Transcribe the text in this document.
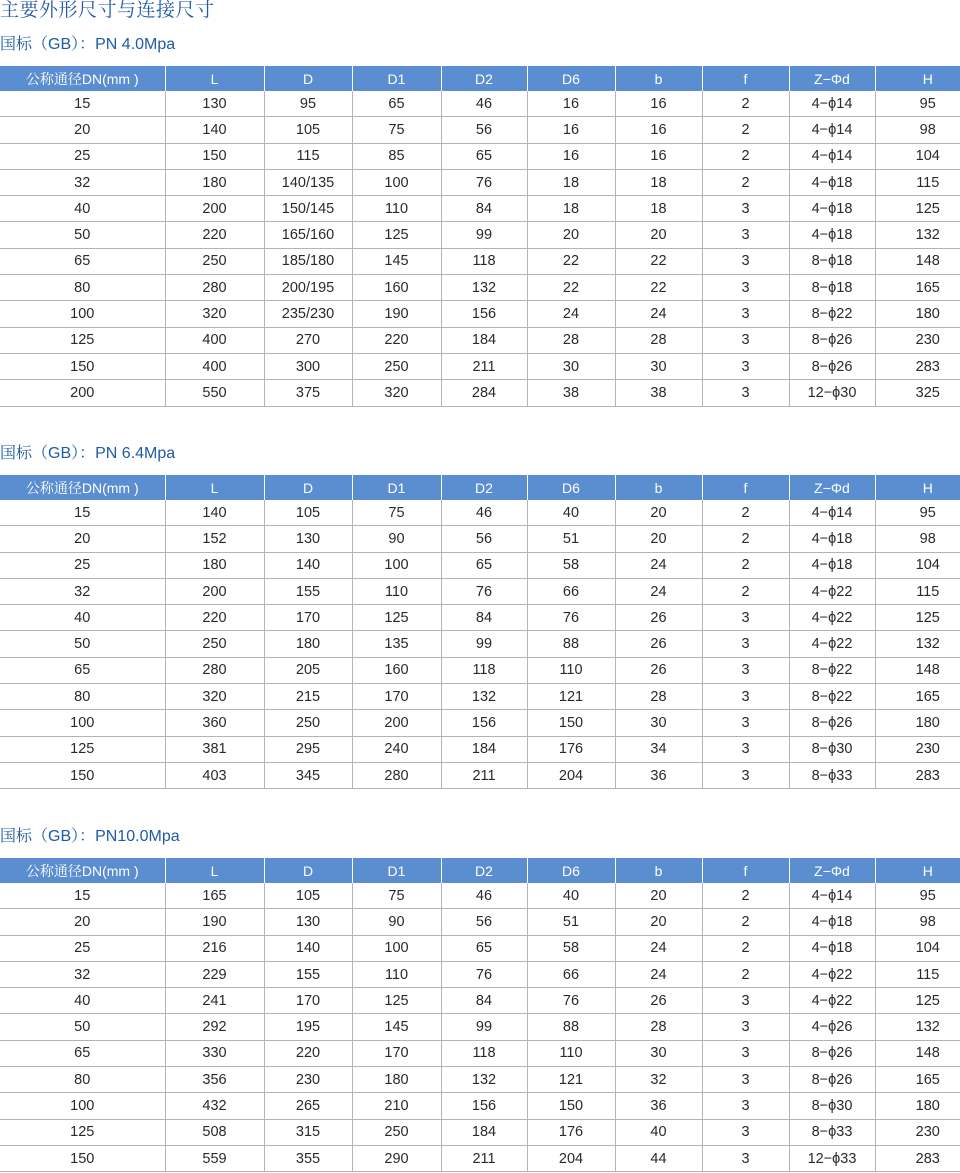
主要外形尺寸与连接尺寸
国标（GB）：PN 4.0Mpa
公称通径DN(mm )	L	D	D1	D2	D6	b	f	Z−Φd	H
15	130	95	65	46	16	16	2	4−ϕ14	95
20	140	105	75	56	16	16	2	4−ϕ14	98
25	150	115	85	65	16	16	2	4−ϕ14	104
32	180	140/135	100	76	18	18	2	4−ϕ18	115
40	200	150/145	110	84	18	18	3	4−ϕ18	125
50	220	165/160	125	99	20	20	3	4−ϕ18	132
65	250	185/180	145	118	22	22	3	8−ϕ18	148
80	280	200/195	160	132	22	22	3	8−ϕ18	165
100	320	235/230	190	156	24	24	3	8−ϕ22	180
125	400	270	220	184	28	28	3	8−ϕ26	230
150	400	300	250	211	30	30	3	8−ϕ26	283
200	550	375	320	284	38	38	3	12−ϕ30	325
国标（GB）：PN 6.4Mpa
公称通径DN(mm )	L	D	D1	D2	D6	b	f	Z−Φd	H
15	140	105	75	46	40	20	2	4−ϕ14	95
20	152	130	90	56	51	20	2	4−ϕ18	98
25	180	140	100	65	58	24	2	4−ϕ18	104
32	200	155	110	76	66	24	2	4−ϕ22	115
40	220	170	125	84	76	26	3	4−ϕ22	125
50	250	180	135	99	88	26	3	4−ϕ22	132
65	280	205	160	118	110	26	3	8−ϕ22	148
80	320	215	170	132	121	28	3	8−ϕ22	165
100	360	250	200	156	150	30	3	8−ϕ26	180
125	381	295	240	184	176	34	3	8−ϕ30	230
150	403	345	280	211	204	36	3	8−ϕ33	283
国标（GB）：PN10.0Mpa
公称通径DN(mm )	L	D	D1	D2	D6	b	f	Z−Φd	H
15	165	105	75	46	40	20	2	4−ϕ14	95
20	190	130	90	56	51	20	2	4−ϕ18	98
25	216	140	100	65	58	24	2	4−ϕ18	104
32	229	155	110	76	66	24	2	4−ϕ22	115
40	241	170	125	84	76	26	3	4−ϕ22	125
50	292	195	145	99	88	28	3	4−ϕ26	132
65	330	220	170	118	110	30	3	8−ϕ26	148
80	356	230	180	132	121	32	3	8−ϕ26	165
100	432	265	210	156	150	36	3	8−ϕ30	180
125	508	315	250	184	176	40	3	8−ϕ33	230
150	559	355	290	211	204	44	3	12−ϕ33	283
